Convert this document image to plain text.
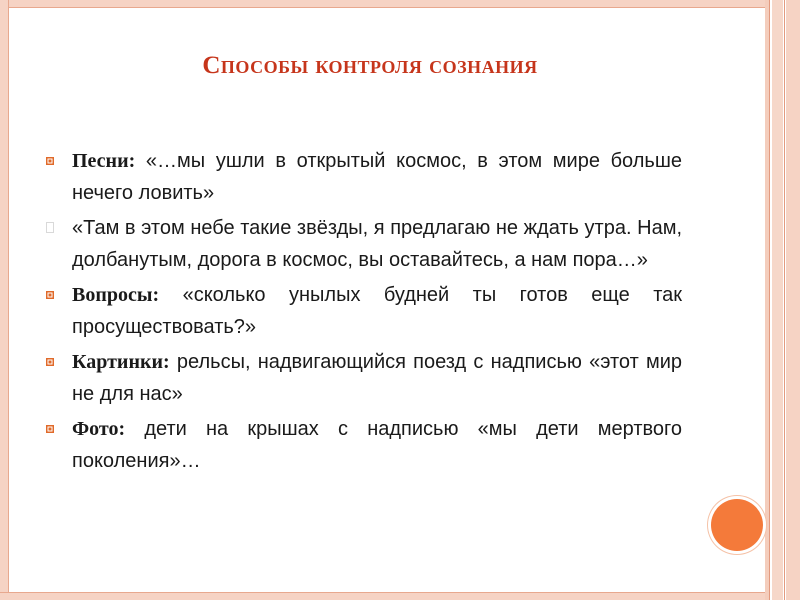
Способы контроля сознания
Песни: «…мы ушли в открытый космос, в этом мире больше нечего ловить»
«Там в этом небе такие звёзды, я предлагаю не ждать утра. Нам, долбанутым, дорога в космос, вы оставайтесь, а нам пора…»
Вопросы: «сколько унылых будней ты готов еще так просуществовать?»
Картинки: рельсы, надвигающийся поезд с надписью «этот мир не для нас»
Фото: дети на крышах с надписью «мы дети мертвого поколения»…
